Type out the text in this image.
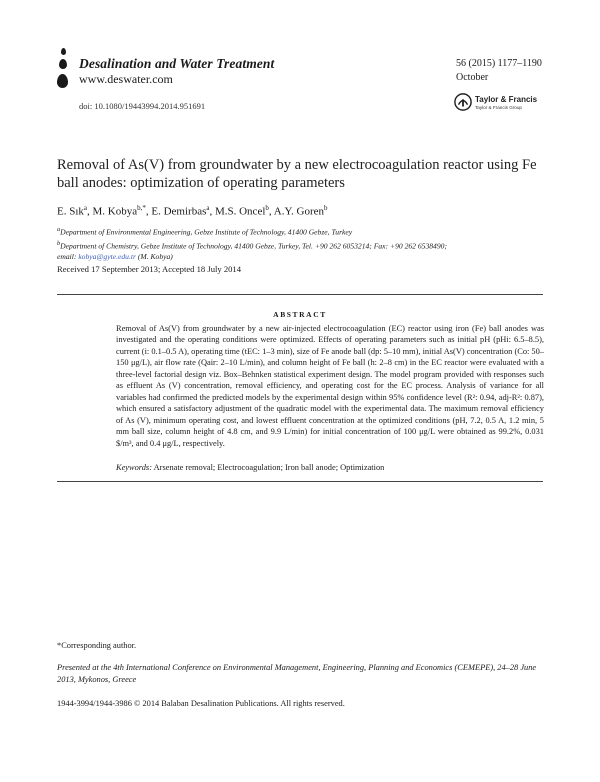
Desalination and Water Treatment
www.deswater.com
doi: 10.1080/19443994.2014.951691
56 (2015) 1177–1190
October
Taylor & Francis
Taylor & Francis Group
Removal of As(V) from groundwater by a new electrocoagulation reactor using Fe ball anodes: optimization of operating parameters
E. Sık$^a$, M. Kobya$^{b,*}$, E. Demirbas$^a$, M.S. Oncel$^b$, A.Y. Goren$^b$
$^a$Department of Environmental Engineering, Gebze Institute of Technology, 41400 Gebze, Turkey
$^b$Department of Chemistry, Gebze Institute of Technology, 41400 Gebze, Turkey, Tel. +90 262 6053214; Fax: +90 262 6538490;
email: kobya@gyte.edu.tr (M. Kobya)
Received 17 September 2013; Accepted 18 July 2014
ABSTRACT
Removal of As(V) from groundwater by a new air-injected electrocoagulation (EC) reactor using iron (Fe) ball anodes was investigated and the operating conditions were optimized. Effects of operating parameters such as initial pH (pHi: 6.5–8.5), current (i: 0.1–0.5 A), operating time (tEC: 1–3 min), size of Fe anode ball (dp: 5–10 mm), initial As(V) concentration (Co: 50–150 μg/L), air flow rate (Qair: 2–10 L/min), and column height of Fe ball (h: 2–8 cm) in the EC reactor were evaluated with a three-level factorial design viz. Box–Behnken statistical experiment design. The model program provided with responses such as effluent As (V) concentration, removal efficiency, and operating cost for the EC process. Analysis of variance for all variables had confirmed the predicted models by the experimental design within 95% confidence level (R²: 0.94, adj-R²: 0.87), which ensured a satisfactory adjustment of the quadratic model with the experimental data. The maximum removal efficiency of As (V), minimum operating cost, and lowest effluent concentration at the optimized conditions (pH, 7.2, 0.5 A, 1.2 min, 5 mm ball size, column height of 4.8 cm, and 9.9 L/min) for initial concentration of 100 μg/L were obtained as 99.2%, 0.031 $/m³, and 0.4 μg/L, respectively.
Keywords: Arsenate removal; Electrocoagulation; Iron ball anode; Optimization
*Corresponding author.
Presented at the 4th International Conference on Environmental Management, Engineering, Planning and Economics (CEMEPE), 24–28 June 2013, Mykonos, Greece
1944-3994/1944-3986 © 2014 Balaban Desalination Publications. All rights reserved.
